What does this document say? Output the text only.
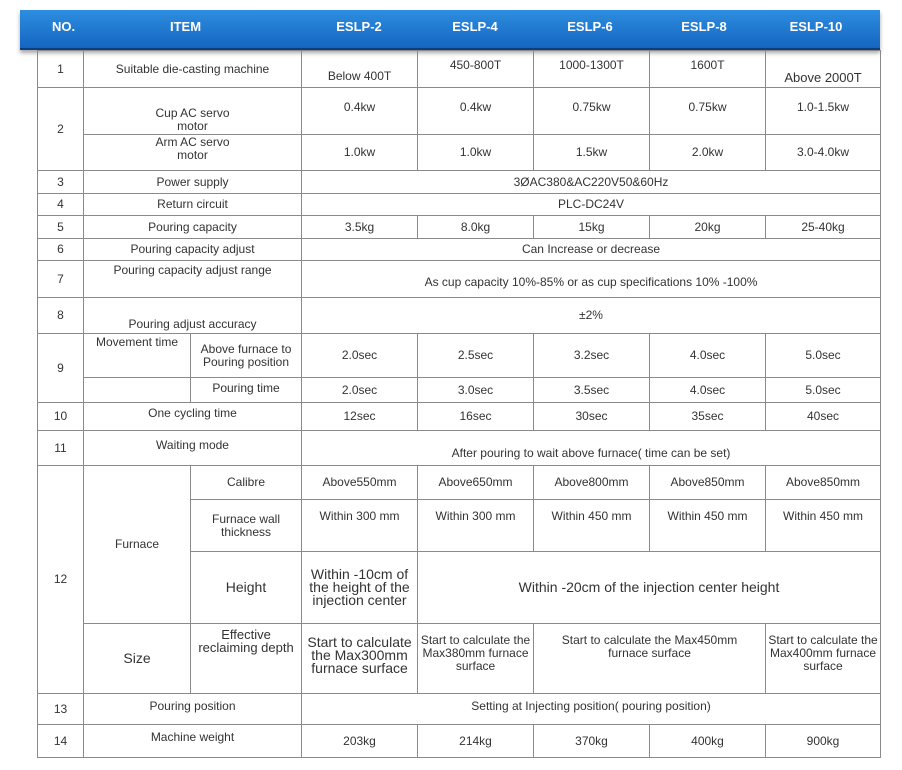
NO.	ITEM	ESLP-2	ESLP-4	ESLP-6	ESLP-8	ESLP-10
1	Suitable die-casting machine		Below 400T	450-800T	1000-1300T	1600T	Above 2000T
2	Cup AC servo motor		0.4kw	0.4kw	0.75kw	0.75kw	1.0-1.5kw
	Arm AC servo motor		1.0kw	1.0kw	1.5kw	2.0kw	3.0-4.0kw
3	Power supply		3ØAC380&AC220V50&60Hz				
4	Return circuit		PLC-DC24V				
5	Pouring capacity		3.5kg	8.0kg	15kg	20kg	25-40kg
6	Pouring capacity adjust		Can Increase or decrease				
7	Pouring capacity adjust range		As cup capacity 10%-85% or as cup specifications 10% -100%				
8	Pouring adjust accuracy		±2%				
9	Movement time	Above furnace to Pouring position	2.0sec	2.5sec	3.2sec	4.0sec	5.0sec
		Pouring time	2.0sec	3.0sec	3.5sec	4.0sec	5.0sec
10	One cycling time		12sec	16sec	30sec	35sec	40sec
11	Waiting mode		After pouring to wait above furnace( time can be set)				
12	Furnace	Calibre	Above550mm	Above650mm	Above800mm	Above850mm	Above850mm
		Furnace wall thickness	Within 300 mm	Within 300 mm	Within 450 mm	Within 450 mm	Within 450 mm
		Height	Within -10cm of the height of the injection center	Within -20cm of the injection center height			
	Size	Effective reclaiming depth	Start to calculate the Max300mm furnace surface	Start to calculate the Max380mm furnace surface	Start to calculate the Max450mm furnace surface		Start to calculate the Max400mm furnace surface
13	Pouring position		Setting at Injecting position( pouring position)				
14	Machine weight		203kg	214kg	370kg	400kg	900kg
